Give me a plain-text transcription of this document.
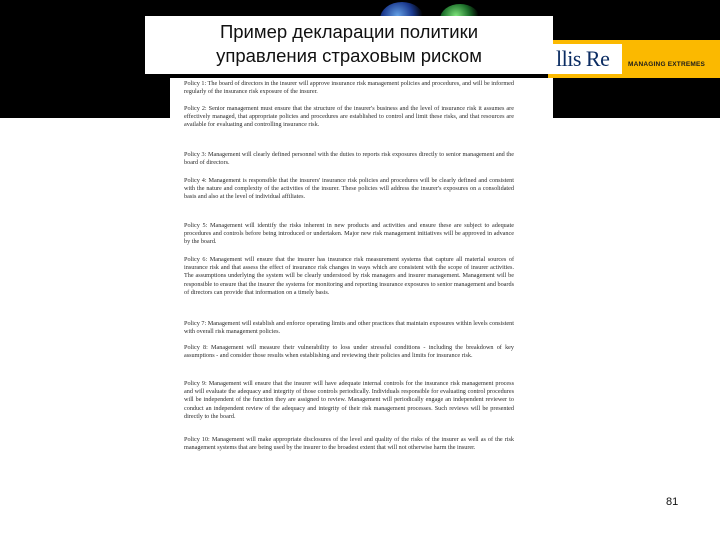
llis Re	MANAGING EXTREMES
Пример декларации политики
управления страховым риском

Policy 1: The board of directors in the insurer will approve insurance risk management policies and procedures, and will be informed regularly of the insurance risk exposure of the insurer.

Policy 2: Senior management must ensure that the structure of the insurer's business and the level of insurance risk it assumes are effectively managed, that appropriate policies and procedures are established to control and limit these risks, and that resources are available for evaluating and controlling insurance risk.

Policy 3: Management will clearly defined personnel with the duties to reports risk exposures directly to senior management and the board of directors.

Policy 4: Management is responsible that the insurers' insurance risk policies and procedures will be clearly defined and consistent with the nature and complexity of the activities of the insurer. These policies will address the insurer's exposures on a consolidated basis and also at the level of individual affiliates.

Policy 5: Management will identify the risks inherent in new products and activities and ensure these are subject to adequate procedures and controls before being introduced or undertaken. Major new risk management initiatives will be approved in advance by the board.

Policy 6: Management will ensure that the insurer has insurance risk measurement systems that capture all material sources of insurance risk and that assess the effect of insurance risk changes in ways which are consistent with the scope of insurer activities. The assumptions underlying the system will be clearly understood by risk managers and insurer management. Management will be responsible to ensure that the insurer the systems for monitoring and reporting insurance exposures to senior management and boards of directors can provide that information on a timely basis.

Policy 7: Management will establish and enforce operating limits and other practices that maintain exposures within levels consistent with overall risk management policies.

Policy 8: Management will measure their vulnerability to loss under stressful conditions - including the breakdown of key assumptions - and consider those results when establishing and reviewing their policies and limits for insurance risk.

Policy 9: Management will ensure that the insurer will have adequate internal controls for the insurance risk management process and will evaluate the adequacy and integrity of those controls periodically. Individuals responsible for evaluating control procedures will be independent of the function they are assigned to review. Management will periodically engage an independent reviewer to conduct an independent review of the adequacy and integrity of their risk management processes. Such reviews will be presented directly to the board.

Policy 10: Management will make appropriate disclosures of the level and quality of the risks of the insurer as well as of the risk management systems that are being used by the insurer to the broadest extent that will not otherwise harm the insurer.

81
